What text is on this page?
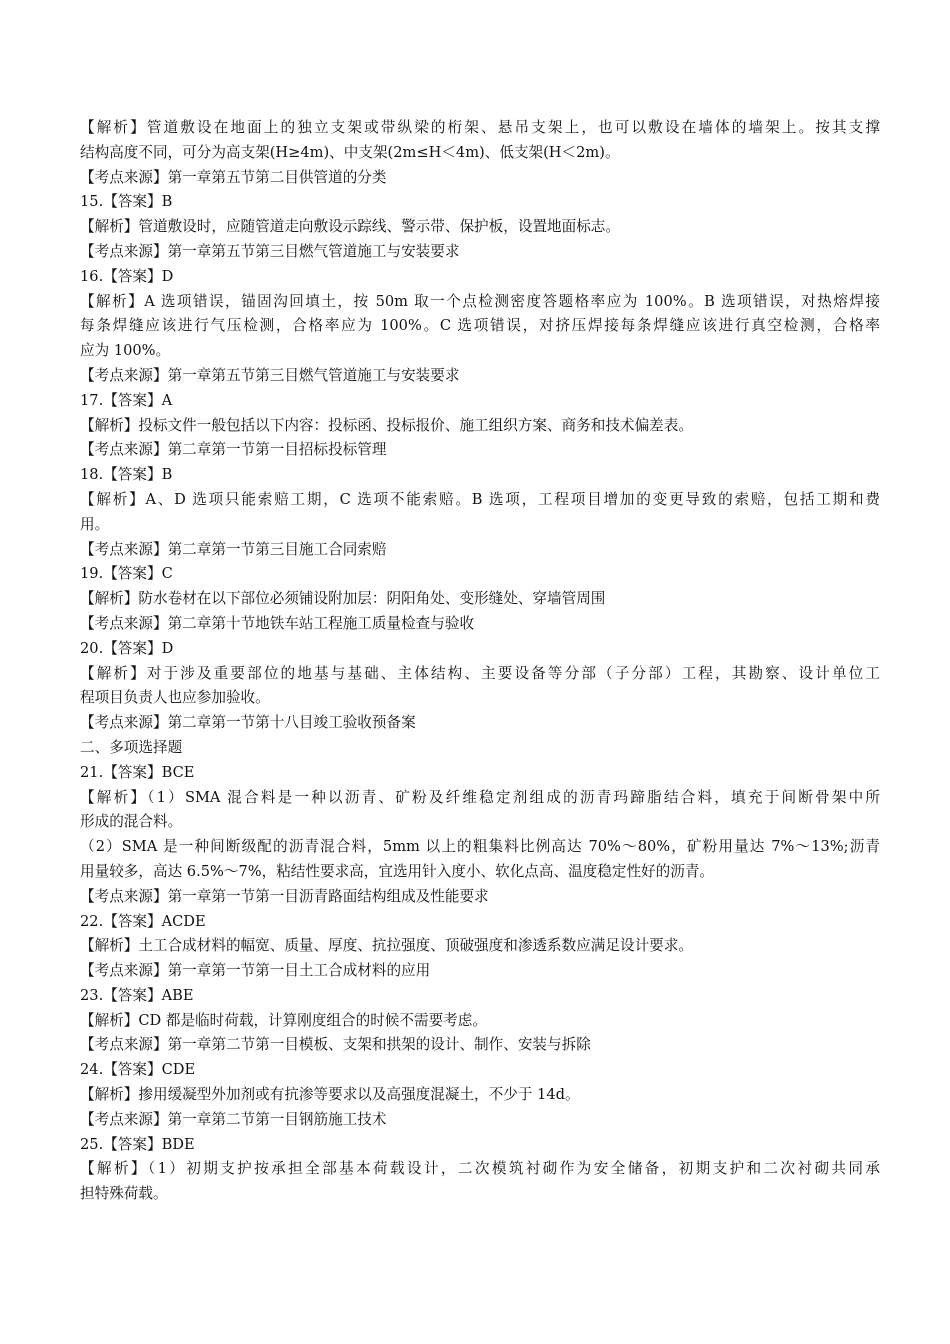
【解析】管道敷设在地面上的独立支架或带纵梁的桁架、悬吊支架上，也可以敷设在墙体的墙架上。按其支撑
结构高度不同，可分为高支架(H≥4m)、中支架(2m≤H＜4m)、低支架(H＜2m)。
【考点来源】第一章第五节第二目供管道的分类
15.【答案】B
【解析】管道敷设时，应随管道走向敷设示踪线、警示带、保护板，设置地面标志。
【考点来源】第一章第五节第三目燃气管道施工与安装要求
16.【答案】D
【解析】A 选项错误，锚固沟回填土，按 50m 取一个点检测密度答题格率应为 100%。B 选项错误，对热熔焊接
每条焊缝应该进行气压检测，合格率应为 100%。C 选项错误，对挤压焊接每条焊缝应该进行真空检测，合格率
应为 100%。
【考点来源】第一章第五节第三目燃气管道施工与安装要求
17.【答案】A
【解析】投标文件一般包括以下内容：投标函、投标报价、施工组织方案、商务和技术偏差表。
【考点来源】第二章第一节第一目招标投标管理
18.【答案】B
【解析】A、D 选项只能索赔工期，C 选项不能索赔。B 选项，工程项目增加的变更导致的索赔，包括工期和费
用。
【考点来源】第二章第一节第三目施工合同索赔
19.【答案】C
【解析】防水卷材在以下部位必须铺设附加层：阴阳角处、变形缝处、穿墙管周围
【考点来源】第二章第十节地铁车站工程施工质量检查与验收
20.【答案】D
【解析】对于涉及重要部位的地基与基础、主体结构、主要设备等分部（子分部）工程，其勘察、设计单位工
程项目负责人也应参加验收。
【考点来源】第二章第一节第十八目竣工验收预备案
二、多项选择题
21.【答案】BCE
【解析】（1）SMA 混合料是一种以沥青、矿粉及纤维稳定剂组成的沥青玛蹄脂结合料，填充于间断骨架中所
形成的混合料。
（2）SMA 是一种间断级配的沥青混合料，5mm 以上的粗集料比例高达 70%～80%，矿粉用量达 7%～13%;沥青
用量较多，高达 6.5%～7%，粘结性要求高，宜选用针入度小、软化点高、温度稳定性好的沥青。
【考点来源】第一章第一节第一目沥青路面结构组成及性能要求
22.【答案】ACDE
【解析】土工合成材料的幅宽、质量、厚度、抗拉强度、顶破强度和渗透系数应满足设计要求。
【考点来源】第一章第一节第一目土工合成材料的应用
23.【答案】ABE
【解析】CD 都是临时荷载，计算刚度组合的时候不需要考虑。
【考点来源】第一章第二节第一目模板、支架和拱架的设计、制作、安装与拆除
24.【答案】CDE
【解析】掺用缓凝型外加剂或有抗渗等要求以及高强度混凝土，不少于 14d。
【考点来源】第一章第二节第一目钢筋施工技术
25.【答案】BDE
【解析】（1）初期支护按承担全部基本荷载设计，二次模筑衬砌作为安全储备，初期支护和二次衬砌共同承
担特殊荷载。
